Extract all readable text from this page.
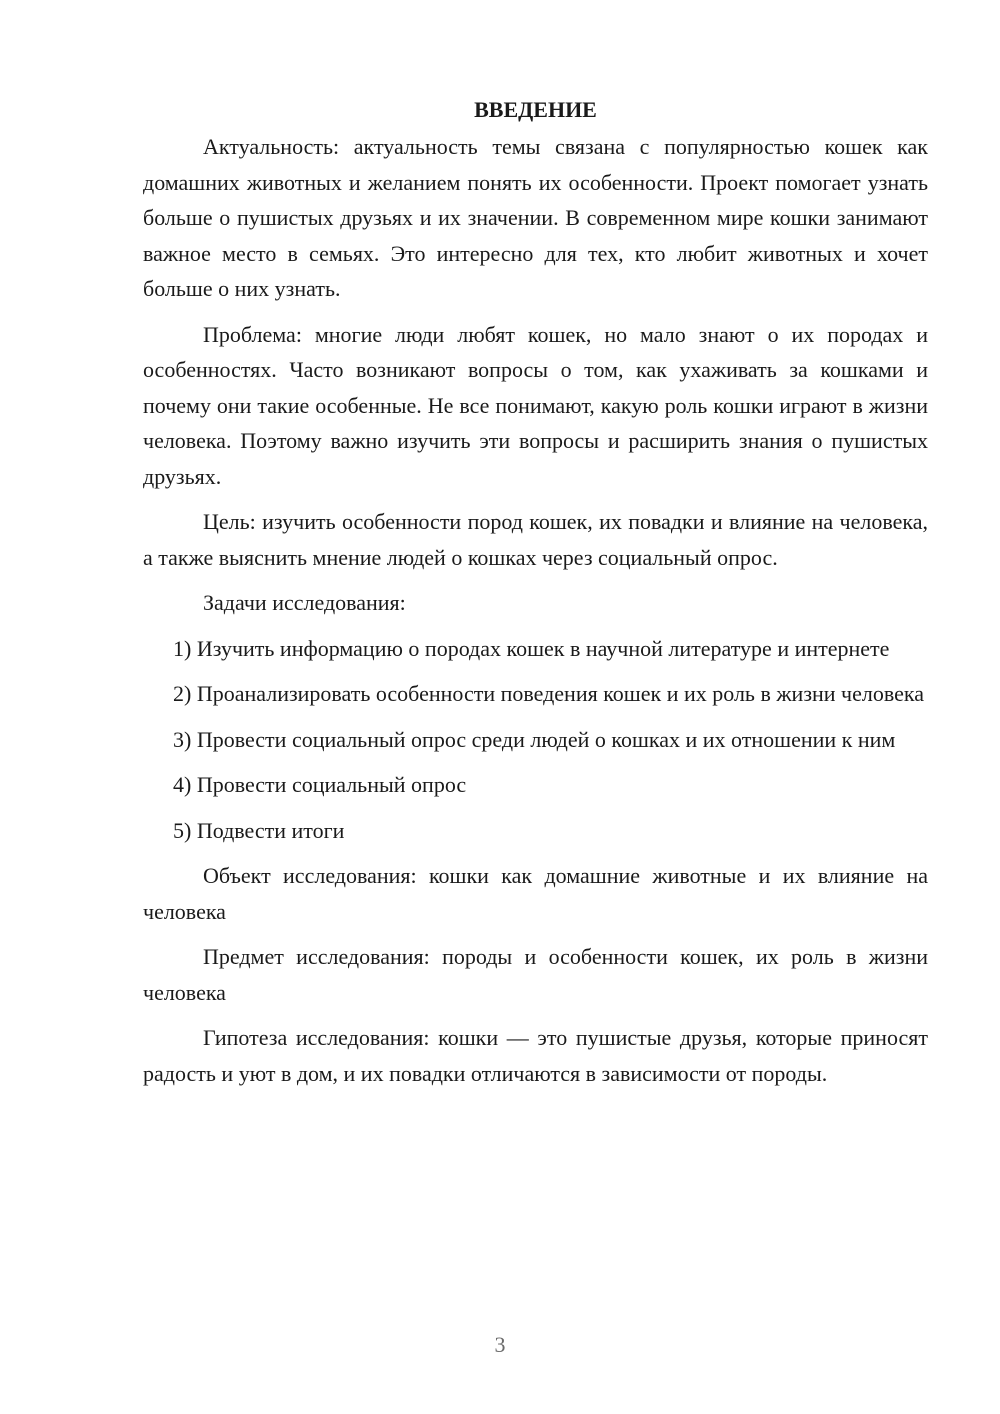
ВВЕДЕНИЕ

Актуальность: актуальность темы связана с популярностью кошек как домашних животных и желанием понять их особенности. Проект помогает узнать больше о пушистых друзьях и их значении. В современном мире кошки занимают важное место в семьях. Это интересно для тех, кто любит животных и хочет больше о них узнать.

Проблема: многие люди любят кошек, но мало знают о их породах и особенностях. Часто возникают вопросы о том, как ухаживать за кошками и почему они такие особенные. Не все понимают, какую роль кошки играют в жизни человека. Поэтому важно изучить эти вопросы и расширить знания о пушистых друзьях.

Цель: изучить особенности пород кошек, их повадки и влияние на человека, а также выяснить мнение людей о кошках через социальный опрос.

Задачи исследования:

1) Изучить информацию о породах кошек в научной литературе и интернете

2) Проанализировать особенности поведения кошек и их роль в жизни человека

3) Провести социальный опрос среди людей о кошках и их отношении к ним

4) Провести социальный опрос

5) Подвести итоги

Объект исследования: кошки как домашние животные и их влияние на человека

Предмет исследования: породы и особенности кошек, их роль в жизни человека

Гипотеза исследования: кошки — это пушистые друзья, которые приносят радость и уют в дом, и их повадки отличаются в зависимости от породы.

3
